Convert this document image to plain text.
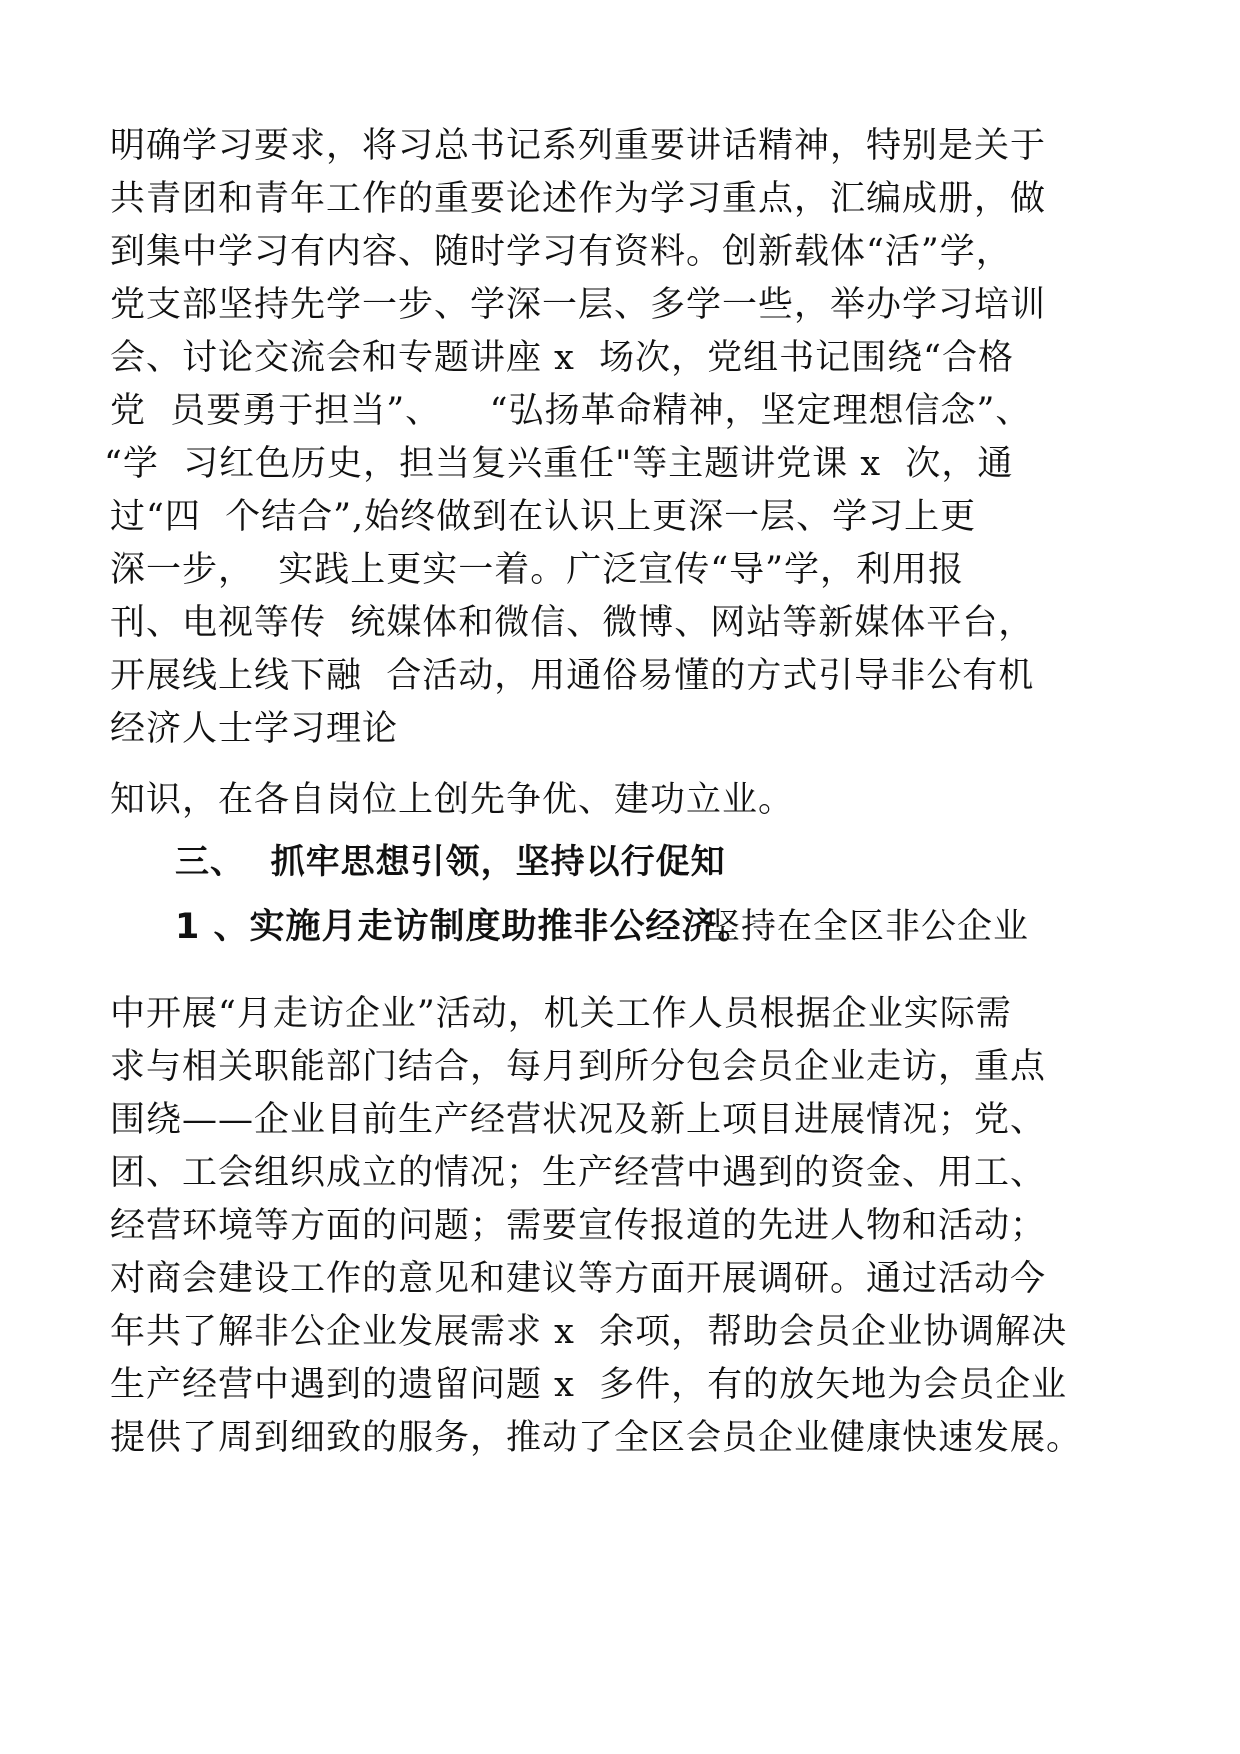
明确学习要求，将习总书记系列重要讲话精神，特别是关于
共青团和青年工作的重要论述作为学习重点，汇编成册，做
到集中学习有内容、随时学习有资料。创新载体“活”学，
党支部坚持先学一步、学深一层、多学一些，举办学习培训
会、讨论交流会和专题讲座 x  场次，党组书记围绕“合格
党  员要勇于担当”、    “弘扬革命精神，坚定理想信念”、
“学  习红色历史，担当复兴重任"等主题讲党课 x  次，通
过“四  个结合”,始终做到在认识上更深一层、学习上更
深一步，  实践上更实一着。广泛宣传“导”学，利用报
刊、电视等传  统媒体和微信、微博、网站等新媒体平台，
开展线上线下融  合活动，用通俗易懂的方式引导非公有机
经济人士学习理论
知识，在各自岗位上创先争优、建功立业。
三、  抓牢思想引领，坚持以行促知
1 、实施月走访制度助推非公经济。
坚持在全区非公企业
中开展“月走访企业”活动，机关工作人员根据企业实际需
求与相关职能部门结合，每月到所分包会员企业走访，重点
围绕——企业目前生产经营状况及新上项目进展情况；党、
团、工会组织成立的情况；生产经营中遇到的资金、用工、
经营环境等方面的问题；需要宣传报道的先进人物和活动；
对商会建设工作的意见和建议等方面开展调研。通过活动今
年共了解非公企业发展需求 x  余项，帮助会员企业协调解决
生产经营中遇到的遗留问题 x  多件，有的放矢地为会员企业
提供了周到细致的服务，推动了全区会员企业健康快速发展。
